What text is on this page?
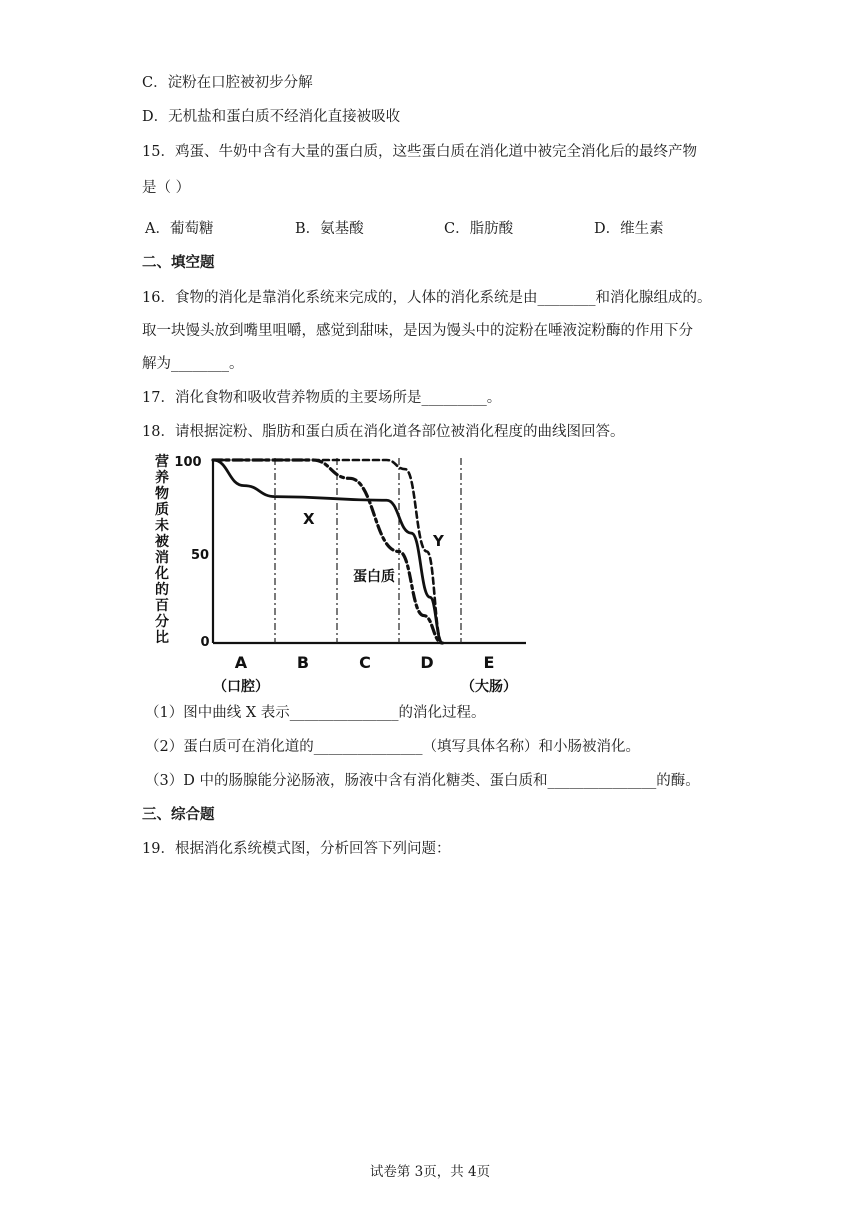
C．淀粉在口腔被初步分解
D．无机盐和蛋白质不经消化直接被吸收
15．鸡蛋、牛奶中含有大量的蛋白质，这些蛋白质在消化道中被完全消化后的最终产物
是（ ）
A．葡萄糖	B．氨基酸	C．脂肪酸	D．维生素
二、填空题
16．食物的消化是靠消化系统来完成的，人体的消化系统是由________和消化腺组成的。
取一块馒头放到嘴里咀嚼，感觉到甜味，是因为馒头中的淀粉在唾液淀粉酶的作用下分
解为________。
17．消化食物和吸收营养物质的主要场所是_________。
18．请根据淀粉、脂肪和蛋白质在消化道各部位被消化程度的曲线图回答。
营
养
物
质
未
被
消
化
的
百
分
比
100
50
0
A
（口腔）
B	C	D	E
（大肠）
X
Y
蛋白质
（1）图中曲线 X 表示_______________的消化过程。
（2）蛋白质可在消化道的_______________（填写具体名称）和小肠被消化。
（3）D 中的肠腺能分泌肠液，肠液中含有消化糖类、蛋白质和_______________的酶。
三、综合题
19．根据消化系统模式图，分析回答下列问题：
试卷第 3页，共 4页
